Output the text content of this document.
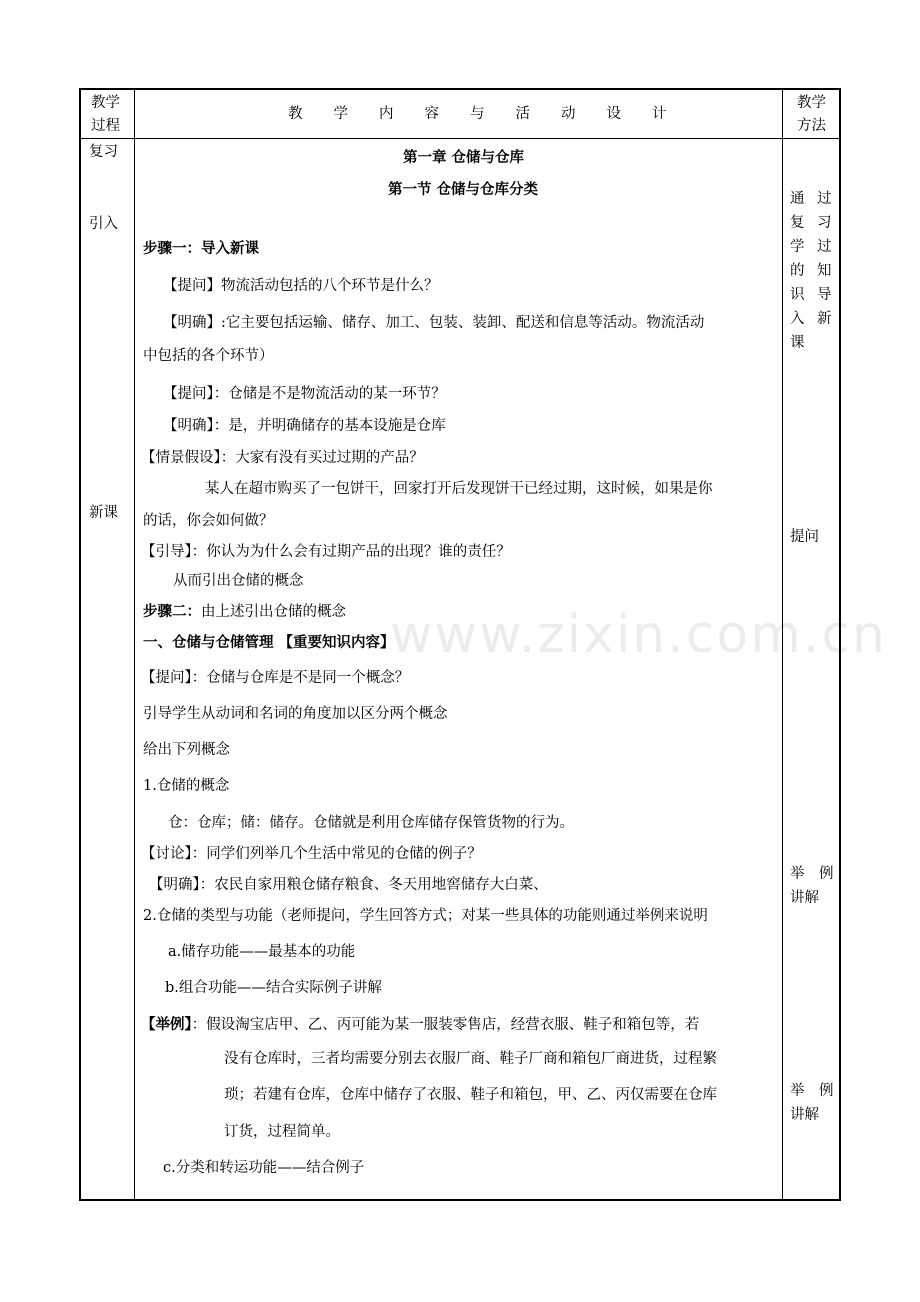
教学
过程
教学内容与活动设计
教学
方法
复习
引入
新课
通 过
复 习
学 过
的 知
识 导
入 新
课
提问
举　例
讲解
举　例
讲解
第一章 仓储与仓库
第一节 仓储与仓库分类
步骤一：导入新课
【提问】物流活动包括的八个环节是什么？
【明确】:它主要包括运输、储存、加工、包装、装卸、配送和信息等活动。物流活动
中包括的各个环节）
【提问】：仓储是不是物流活动的某一环节？
【明确】：是，并明确储存的基本设施是仓库
【情景假设】：大家有没有买过过期的产品？
某人在超市购买了一包饼干，回家打开后发现饼干已经过期，这时候，如果是你
的话，你会如何做？
【引导】：你认为为什么会有过期产品的出现？谁的责任？
从而引出仓储的概念
步骤二：由上述引出仓储的概念
一、仓储与仓储管理 【重要知识内容】
【提问】：仓储与仓库是不是同一个概念？
引导学生从动词和名词的角度加以区分两个概念
给出下列概念
1.仓储的概念
仓：仓库；储：储存。仓储就是利用仓库储存保管货物的行为。
【讨论】：同学们列举几个生活中常见的仓储的例子？
【明确】：农民自家用粮仓储存粮食、冬天用地窖储存大白菜、
2.仓储的类型与功能（老师提问，学生回答方式；对某一些具体的功能则通过举例来说明
a.储存功能——最基本的功能
b.组合功能——结合实际例子讲解
【举例】：假设淘宝店甲、乙、丙可能为某一服装零售店，经营衣服、鞋子和箱包等，若
没有仓库时，三者均需要分别去衣服厂商、鞋子厂商和箱包厂商进货，过程繁
琐；若建有仓库，仓库中储存了衣服、鞋子和箱包，甲、乙、丙仅需要在仓库
订货，过程简单。
c.分类和转运功能——结合例子
www.zixin.com.cn
